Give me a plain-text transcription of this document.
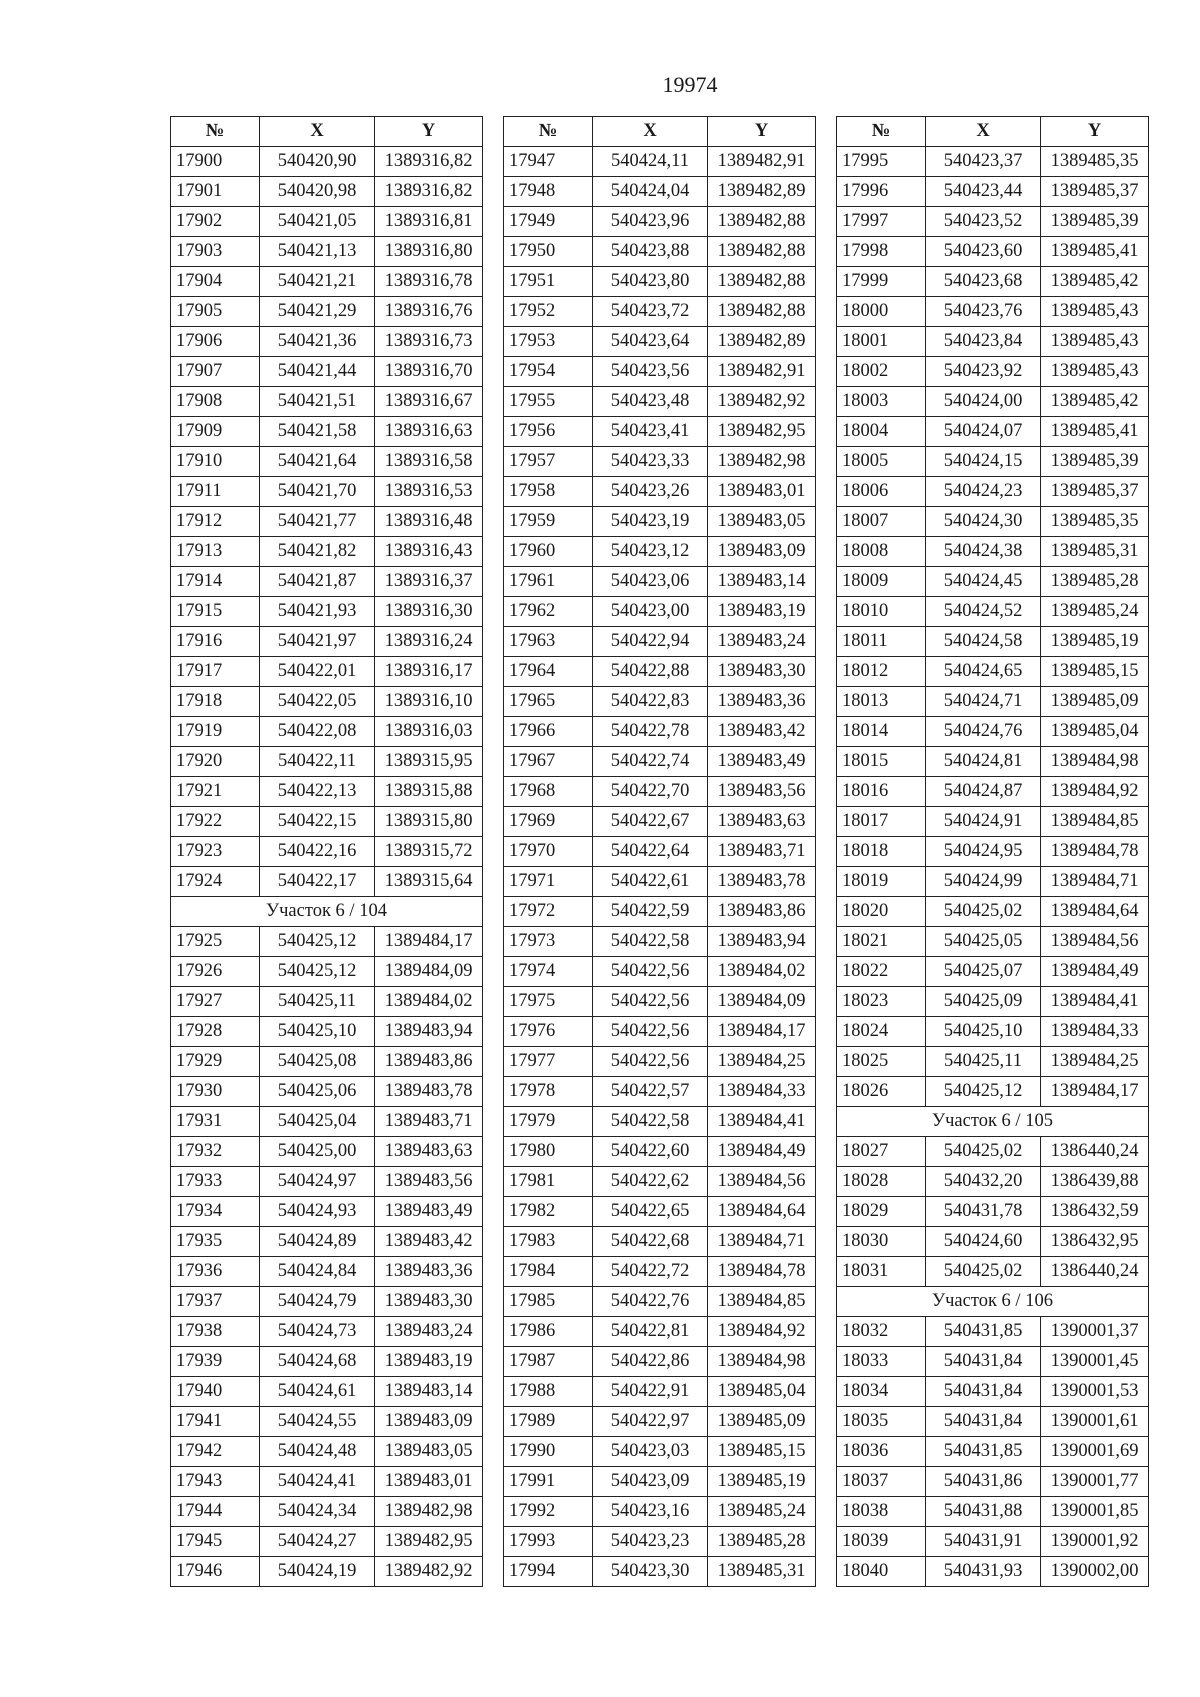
19974
№	X	Y
17900	540420,90	1389316,82
17901	540420,98	1389316,82
17902	540421,05	1389316,81
17903	540421,13	1389316,80
17904	540421,21	1389316,78
17905	540421,29	1389316,76
17906	540421,36	1389316,73
17907	540421,44	1389316,70
17908	540421,51	1389316,67
17909	540421,58	1389316,63
17910	540421,64	1389316,58
17911	540421,70	1389316,53
17912	540421,77	1389316,48
17913	540421,82	1389316,43
17914	540421,87	1389316,37
17915	540421,93	1389316,30
17916	540421,97	1389316,24
17917	540422,01	1389316,17
17918	540422,05	1389316,10
17919	540422,08	1389316,03
17920	540422,11	1389315,95
17921	540422,13	1389315,88
17922	540422,15	1389315,80
17923	540422,16	1389315,72
17924	540422,17	1389315,64
Участок 6 / 104		
17925	540425,12	1389484,17
17926	540425,12	1389484,09
17927	540425,11	1389484,02
17928	540425,10	1389483,94
17929	540425,08	1389483,86
17930	540425,06	1389483,78
17931	540425,04	1389483,71
17932	540425,00	1389483,63
17933	540424,97	1389483,56
17934	540424,93	1389483,49
17935	540424,89	1389483,42
17936	540424,84	1389483,36
17937	540424,79	1389483,30
17938	540424,73	1389483,24
17939	540424,68	1389483,19
17940	540424,61	1389483,14
17941	540424,55	1389483,09
17942	540424,48	1389483,05
17943	540424,41	1389483,01
17944	540424,34	1389482,98
17945	540424,27	1389482,95
17946	540424,19	1389482,92
№	X	Y
17947	540424,11	1389482,91
17948	540424,04	1389482,89
17949	540423,96	1389482,88
17950	540423,88	1389482,88
17951	540423,80	1389482,88
17952	540423,72	1389482,88
17953	540423,64	1389482,89
17954	540423,56	1389482,91
17955	540423,48	1389482,92
17956	540423,41	1389482,95
17957	540423,33	1389482,98
17958	540423,26	1389483,01
17959	540423,19	1389483,05
17960	540423,12	1389483,09
17961	540423,06	1389483,14
17962	540423,00	1389483,19
17963	540422,94	1389483,24
17964	540422,88	1389483,30
17965	540422,83	1389483,36
17966	540422,78	1389483,42
17967	540422,74	1389483,49
17968	540422,70	1389483,56
17969	540422,67	1389483,63
17970	540422,64	1389483,71
17971	540422,61	1389483,78
17972	540422,59	1389483,86
17973	540422,58	1389483,94
17974	540422,56	1389484,02
17975	540422,56	1389484,09
17976	540422,56	1389484,17
17977	540422,56	1389484,25
17978	540422,57	1389484,33
17979	540422,58	1389484,41
17980	540422,60	1389484,49
17981	540422,62	1389484,56
17982	540422,65	1389484,64
17983	540422,68	1389484,71
17984	540422,72	1389484,78
17985	540422,76	1389484,85
17986	540422,81	1389484,92
17987	540422,86	1389484,98
17988	540422,91	1389485,04
17989	540422,97	1389485,09
17990	540423,03	1389485,15
17991	540423,09	1389485,19
17992	540423,16	1389485,24
17993	540423,23	1389485,28
17994	540423,30	1389485,31
№	X	Y
17995	540423,37	1389485,35
17996	540423,44	1389485,37
17997	540423,52	1389485,39
17998	540423,60	1389485,41
17999	540423,68	1389485,42
18000	540423,76	1389485,43
18001	540423,84	1389485,43
18002	540423,92	1389485,43
18003	540424,00	1389485,42
18004	540424,07	1389485,41
18005	540424,15	1389485,39
18006	540424,23	1389485,37
18007	540424,30	1389485,35
18008	540424,38	1389485,31
18009	540424,45	1389485,28
18010	540424,52	1389485,24
18011	540424,58	1389485,19
18012	540424,65	1389485,15
18013	540424,71	1389485,09
18014	540424,76	1389485,04
18015	540424,81	1389484,98
18016	540424,87	1389484,92
18017	540424,91	1389484,85
18018	540424,95	1389484,78
18019	540424,99	1389484,71
18020	540425,02	1389484,64
18021	540425,05	1389484,56
18022	540425,07	1389484,49
18023	540425,09	1389484,41
18024	540425,10	1389484,33
18025	540425,11	1389484,25
18026	540425,12	1389484,17
Участок 6 / 105		
18027	540425,02	1386440,24
18028	540432,20	1386439,88
18029	540431,78	1386432,59
18030	540424,60	1386432,95
18031	540425,02	1386440,24
Участок 6 / 106		
18032	540431,85	1390001,37
18033	540431,84	1390001,45
18034	540431,84	1390001,53
18035	540431,84	1390001,61
18036	540431,85	1390001,69
18037	540431,86	1390001,77
18038	540431,88	1390001,85
18039	540431,91	1390001,92
18040	540431,93	1390002,00
